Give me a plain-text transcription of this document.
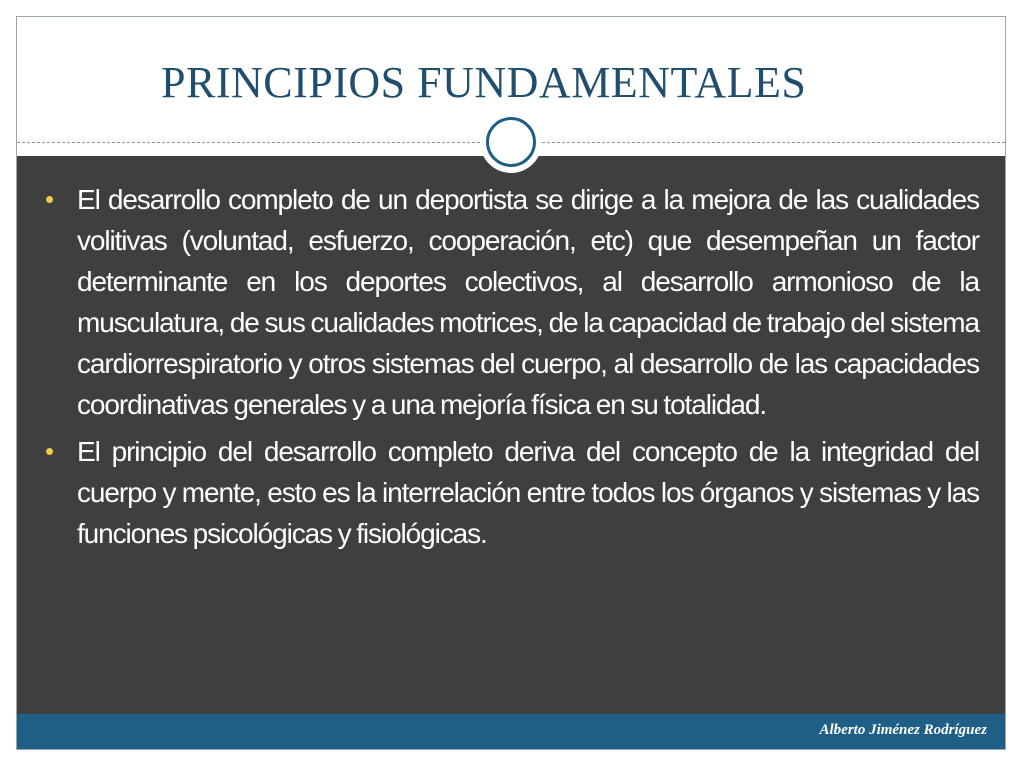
PRINCIPIOS FUNDAMENTALES
• El desarrollo completo de un deportista se dirige a la mejora de las cualidades volitivas (voluntad, esfuerzo, cooperación, etc) que desempeñan un factor determinante en los deportes colectivos, al desarrollo armonioso de la musculatura, de sus cualidades motrices, de la capacidad de trabajo del sistema cardiorrespiratorio y otros sistemas del cuerpo, al desarrollo de las capacidades coordinativas generales y a una mejoría física en su totalidad.
• El principio del desarrollo completo deriva del concepto de la integridad del cuerpo y mente, esto es la interrelación entre todos los órganos y sistemas y las funciones psicológicas y fisiológicas.
Alberto Jiménez Rodríguez
